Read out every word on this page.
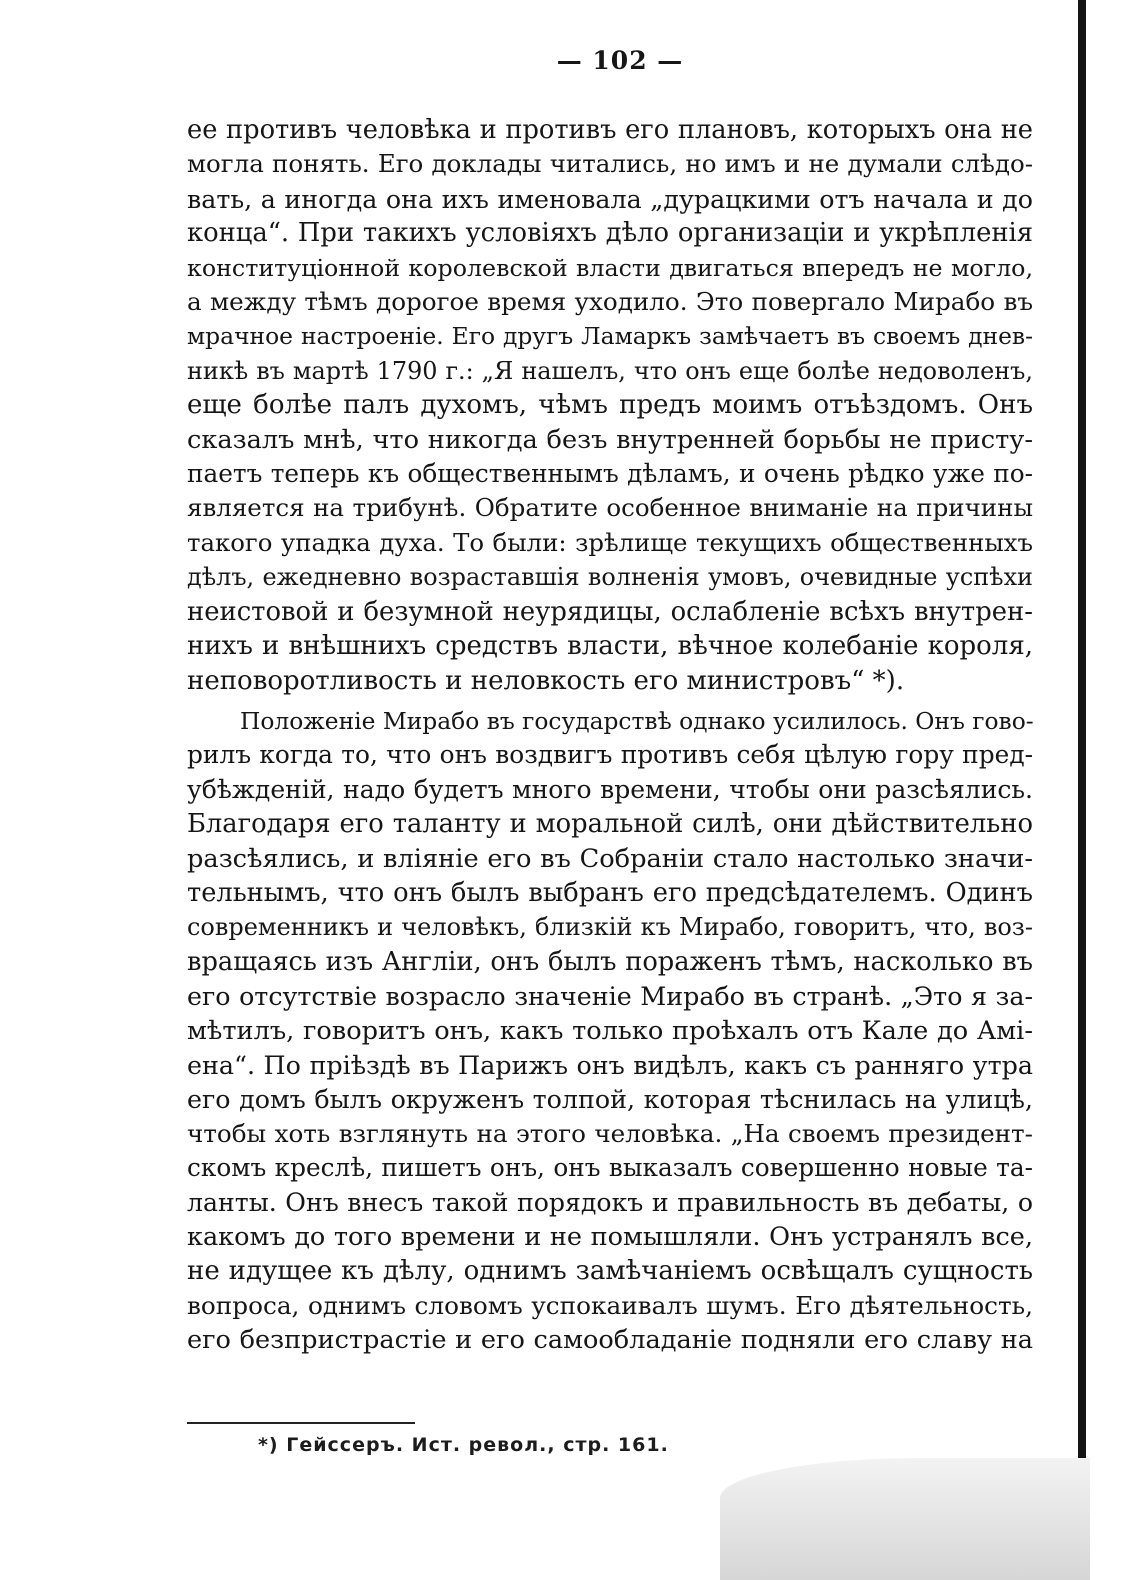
— 102 —
ее противъ человѣка и противъ его плановъ, которыхъ она не
могла понять. Его доклады читались, но имъ и не думали слѣдо-
вать, а иногда она ихъ именовала „дурацкими отъ начала и до
конца“. При такихъ условіяхъ дѣло организаціи и укрѣпленія
конституціонной королевской власти двигаться впередъ не могло,
а между тѣмъ дорогое время уходило. Это повергало Мирабо въ
мрачное настроеніе. Его другъ Ламаркъ замѣчаетъ въ своемъ днев-
никѣ въ мартѣ 1790 г.: „Я нашелъ, что онъ еще болѣе недоволенъ,
еще болѣе палъ духомъ, чѣмъ предъ моимъ отъѣздомъ. Онъ
сказалъ мнѣ, что никогда безъ внутренней борьбы не присту-
паетъ теперь къ общественнымъ дѣламъ, и очень рѣдко уже по-
является на трибунѣ. Обратите особенное вниманіе на причины
такого упадка духа. То были: зрѣлище текущихъ общественныхъ
дѣлъ, ежедневно возраставшія волненія умовъ, очевидные успѣхи
неистовой и безумной неурядицы, ослабленіе всѣхъ внутрен-
нихъ и внѣшнихъ средствъ власти, вѣчное колебаніе короля,
неповоротливость и неловкость его министровъ“ *).
Положеніе Мирабо въ государствѣ однако усилилось. Онъ гово-
рилъ когда то, что онъ воздвигъ противъ себя цѣлую гору пред-
убѣжденій, надо будетъ много времени, чтобы они разсѣялись.
Благодаря его таланту и моральной силѣ, они дѣйствительно
разсѣялись, и вліяніе его въ Собраніи стало настолько значи-
тельнымъ, что онъ былъ выбранъ его предсѣдателемъ. Одинъ
современникъ и человѣкъ, близкій къ Мирабо, говоритъ, что, воз-
вращаясь изъ Англіи, онъ былъ пораженъ тѣмъ, насколько въ
его отсутствіе возрасло значеніе Мирабо въ странѣ. „Это я за-
мѣтилъ, говоритъ онъ, какъ только проѣхалъ отъ Кале до Амі-
ена“. По пріѣздѣ въ Парижъ онъ видѣлъ, какъ съ ранняго утра
его домъ былъ окруженъ толпой, которая тѣснилась на улицѣ,
чтобы хоть взглянуть на этого человѣка. „На своемъ президент-
скомъ креслѣ, пишетъ онъ, онъ выказалъ совершенно новые та-
ланты. Онъ внесъ такой порядокъ и правильность въ дебаты, о
какомъ до того времени и не помышляли. Онъ устранялъ все,
не идущее къ дѣлу, однимъ замѣчаніемъ освѣщалъ сущность
вопроса, однимъ словомъ успокаивалъ шумъ. Его дѣятельность,
его безпристрастіе и его самообладаніе подняли его славу на
*) Гейссеръ. Ист. револ., стр. 161.
